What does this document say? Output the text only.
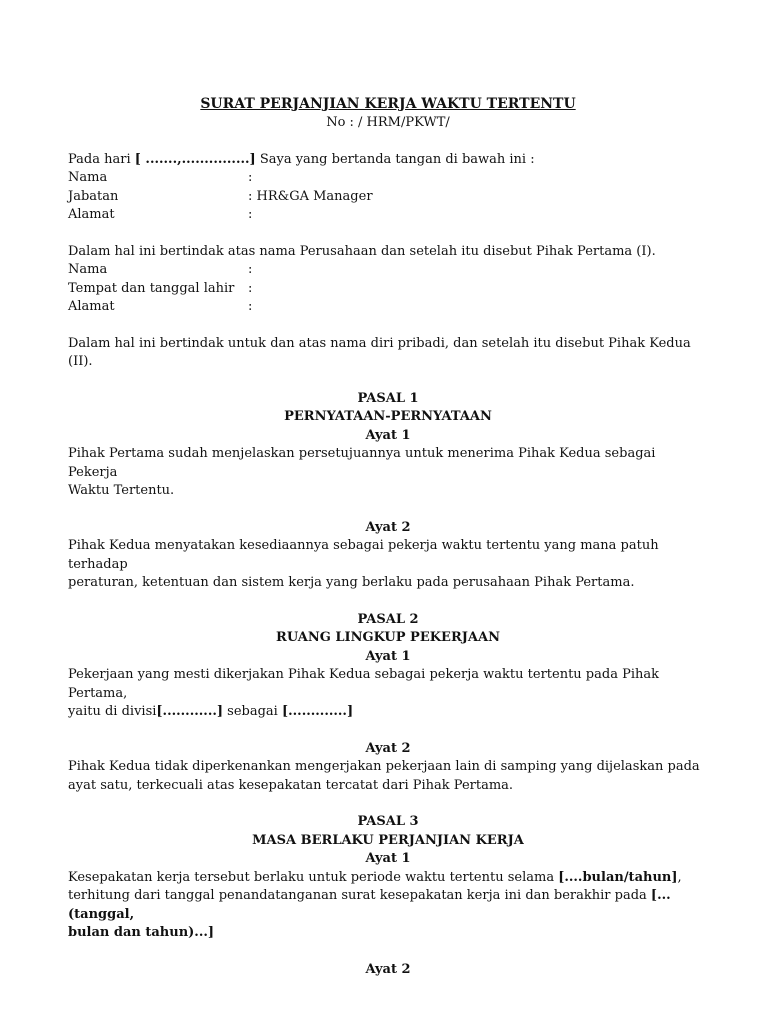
SURAT PERJANJIAN KERJA WAKTU TERTENTU

No : / HRM/PKWT/

Pada hari [ .......,...............] Saya yang bertanda tangan di bawah ini :

Nama	:
Jabatan	: HR&GA Manager
Alamat	:

Dalam hal ini bertindak atas nama Perusahaan dan setelah itu disebut Pihak Pertama (I).

Nama	:
Tempat dan tanggal lahir	:
Alamat	:

Dalam hal ini bertindak untuk dan atas nama diri pribadi, dan setelah itu disebut Pihak Kedua (II).

PASAL 1

PERNYATAAN-PERNYATAAN

Ayat 1

Pihak Pertama sudah menjelaskan persetujuannya untuk menerima Pihak Kedua sebagai Pekerja

Waktu Tertentu.

Ayat 2

Pihak Kedua menyatakan kesediaannya sebagai pekerja waktu tertentu yang mana patuh terhadap

peraturan, ketentuan dan sistem kerja yang berlaku pada perusahaan Pihak Pertama.

PASAL 2

RUANG LINGKUP PEKERJAAN

Ayat 1

Pekerjaan yang mesti dikerjakan Pihak Kedua sebagai pekerja waktu tertentu pada Pihak Pertama,

yaitu di divisi[............] sebagai [.............]

Ayat 2

Pihak Kedua tidak diperkenankan mengerjakan pekerjaan lain di samping yang dijelaskan pada

ayat satu, terkecuali atas kesepakatan tercatat dari Pihak Pertama.

PASAL 3

MASA BERLAKU PERJANJIAN KERJA

Ayat 1

Kesepakatan kerja tersebut berlaku untuk periode waktu tertentu selama [....bulan/tahun],

terhitung dari tanggal penandatanganan surat kesepakatan kerja ini dan berakhir pada [...(tanggal,

bulan dan tahun)...]

Ayat 2
